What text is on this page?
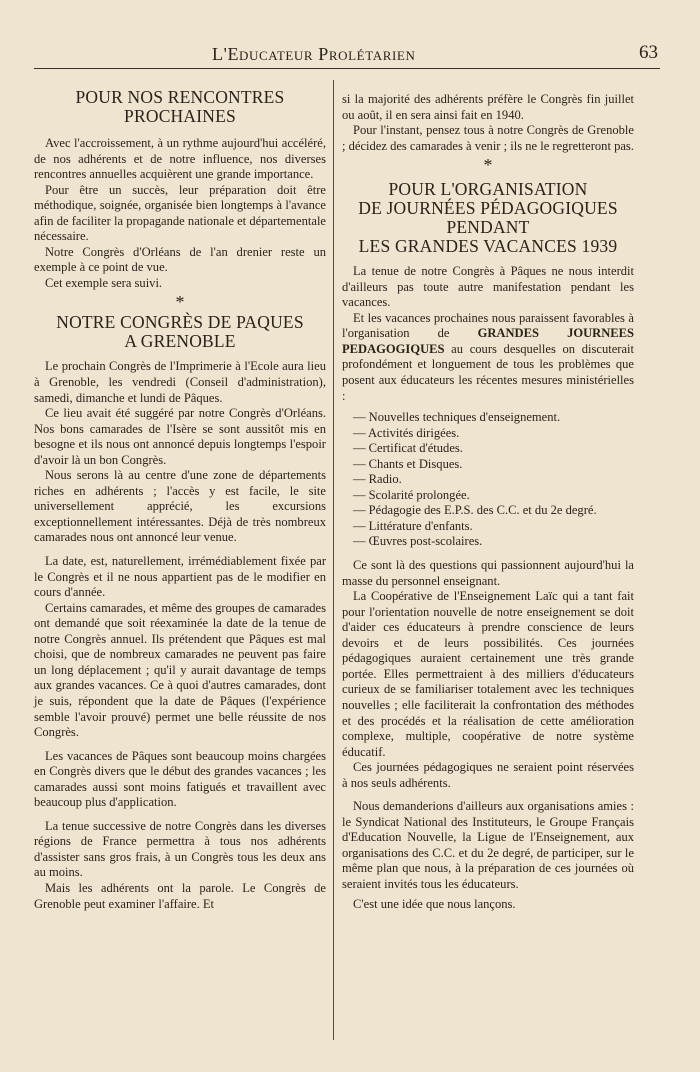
L'Educateur Prolétarien	63
POUR NOS RENCONTRES
PROCHAINES

Avec l'accroissement, à un rythme aujourd'hui accéléré, de nos adhérents et de notre influence, nos diverses rencontres annuelles acquièrent une grande importance.

Pour être un succès, leur préparation doit être méthodique, soignée, organisée bien longtemps à l'avance afin de faciliter la propagande nationale et départementale nécessaire.

Notre Congrès d'Orléans de l'an drenier reste un exemple à ce point de vue.

Cet exemple sera suivi.

*
NOTRE CONGRÈS DE PAQUES
A GRENOBLE

Le prochain Congrès de l'Imprimerie à l'Ecole aura lieu à Grenoble, les vendredi (Conseil d'administration), samedi, dimanche et lundi de Pâques.

Ce lieu avait été suggéré par notre Congrès d'Orléans. Nos bons camarades de l'Isère se sont aussitôt mis en besogne et ils nous ont annoncé depuis longtemps l'espoir d'avoir là un bon Congrès.

Nous serons là au centre d'une zone de départements riches en adhérents ; l'accès y est facile, le site universellement apprécié, les excursions exceptionnellement intéressantes. Déjà de très nombreux camarades nous ont annoncé leur venue.

La date, est, naturellement, irrémédiablement fixée par le Congrès et il ne nous appartient pas de le modifier en cours d'année.

Certains camarades, et même des groupes de camarades ont demandé que soit réexaminée la date de la tenue de notre Congrès annuel. Ils prétendent que Pâques est mal choisi, que de nombreux camarades ne peuvent pas faire un long déplacement ; qu'il y aurait davantage de temps aux grandes vacances. Ce à quoi d'autres camarades, dont je suis, répondent que la date de Pâques (l'expérience semble l'avoir prouvé) permet une belle réussite de nos Congrès.

Les vacances de Pâques sont beaucoup moins chargées en Congrès divers que le début des grandes vacances ; les camarades aussi sont moins fatigués et travaillent avec beaucoup plus d'application.

La tenue successive de notre Congrès dans les diverses régions de France permettra à tous nos adhérents d'assister sans gros frais, à un Congrès tous les deux ans au moins.

Mais les adhérents ont la parole. Le Congrès de Grenoble peut examiner l'affaire. Et

si la majorité des adhérents préfère le Congrès fin juillet ou août, il en sera ainsi fait en 1940.

Pour l'instant, pensez tous à notre Congrès de Grenoble ; décidez des camarades à venir ; ils ne le regretteront pas.

*
POUR L'ORGANISATION
DE JOURNÉES PÉDAGOGIQUES
PENDANT
LES GRANDES VACANCES 1939

La tenue de notre Congrès à Pâques ne nous interdit d'ailleurs pas toute autre manifestation pendant les vacances.

Et les vacances prochaines nous paraissent favorables à l'organisation de GRANDES JOURNEES PEDAGOGIQUES au cours desquelles on discuterait profondément et longuement de tous les problèmes que posent aux éducateurs les récentes mesures ministérielles :

— Nouvelles techniques d'enseignement.
— Activités dirigées.
— Certificat d'études.
— Chants et Disques.
— Radio.
— Scolarité prolongée.
— Pédagogie des E.P.S. des C.C. et du 2e degré.
— Littérature d'enfants.
— Œuvres post-scolaires.

Ce sont là des questions qui passionnent aujourd'hui la masse du personnel enseignant.

La Coopérative de l'Enseignement Laïc qui a tant fait pour l'orientation nouvelle de notre enseignement se doit d'aider ces éducateurs à prendre conscience de leurs devoirs et de leurs possibilités. Ces journées pédagogiques auraient certainement une très grande portée. Elles permettraient à des milliers d'éducateurs curieux de se familiariser totalement avec les techniques nouvelles ; elle faciliterait la confrontation des méthodes et des procédés et la réalisation de cette amélioration complexe, multiple, coopérative de notre système éducatif.

Ces journées pédagogiques ne seraient point réservées à nos seuls adhérents.

Nous demanderions d'ailleurs aux organisations amies : le Syndicat National des Instituteurs, le Groupe Français d'Education Nouvelle, la Ligue de l'Enseignement, aux organisations des C.C. et du 2e degré, de participer, sur le même plan que nous, à la préparation de ces journées où seraient invités tous les éducateurs.

C'est une idée que nous lançons.
